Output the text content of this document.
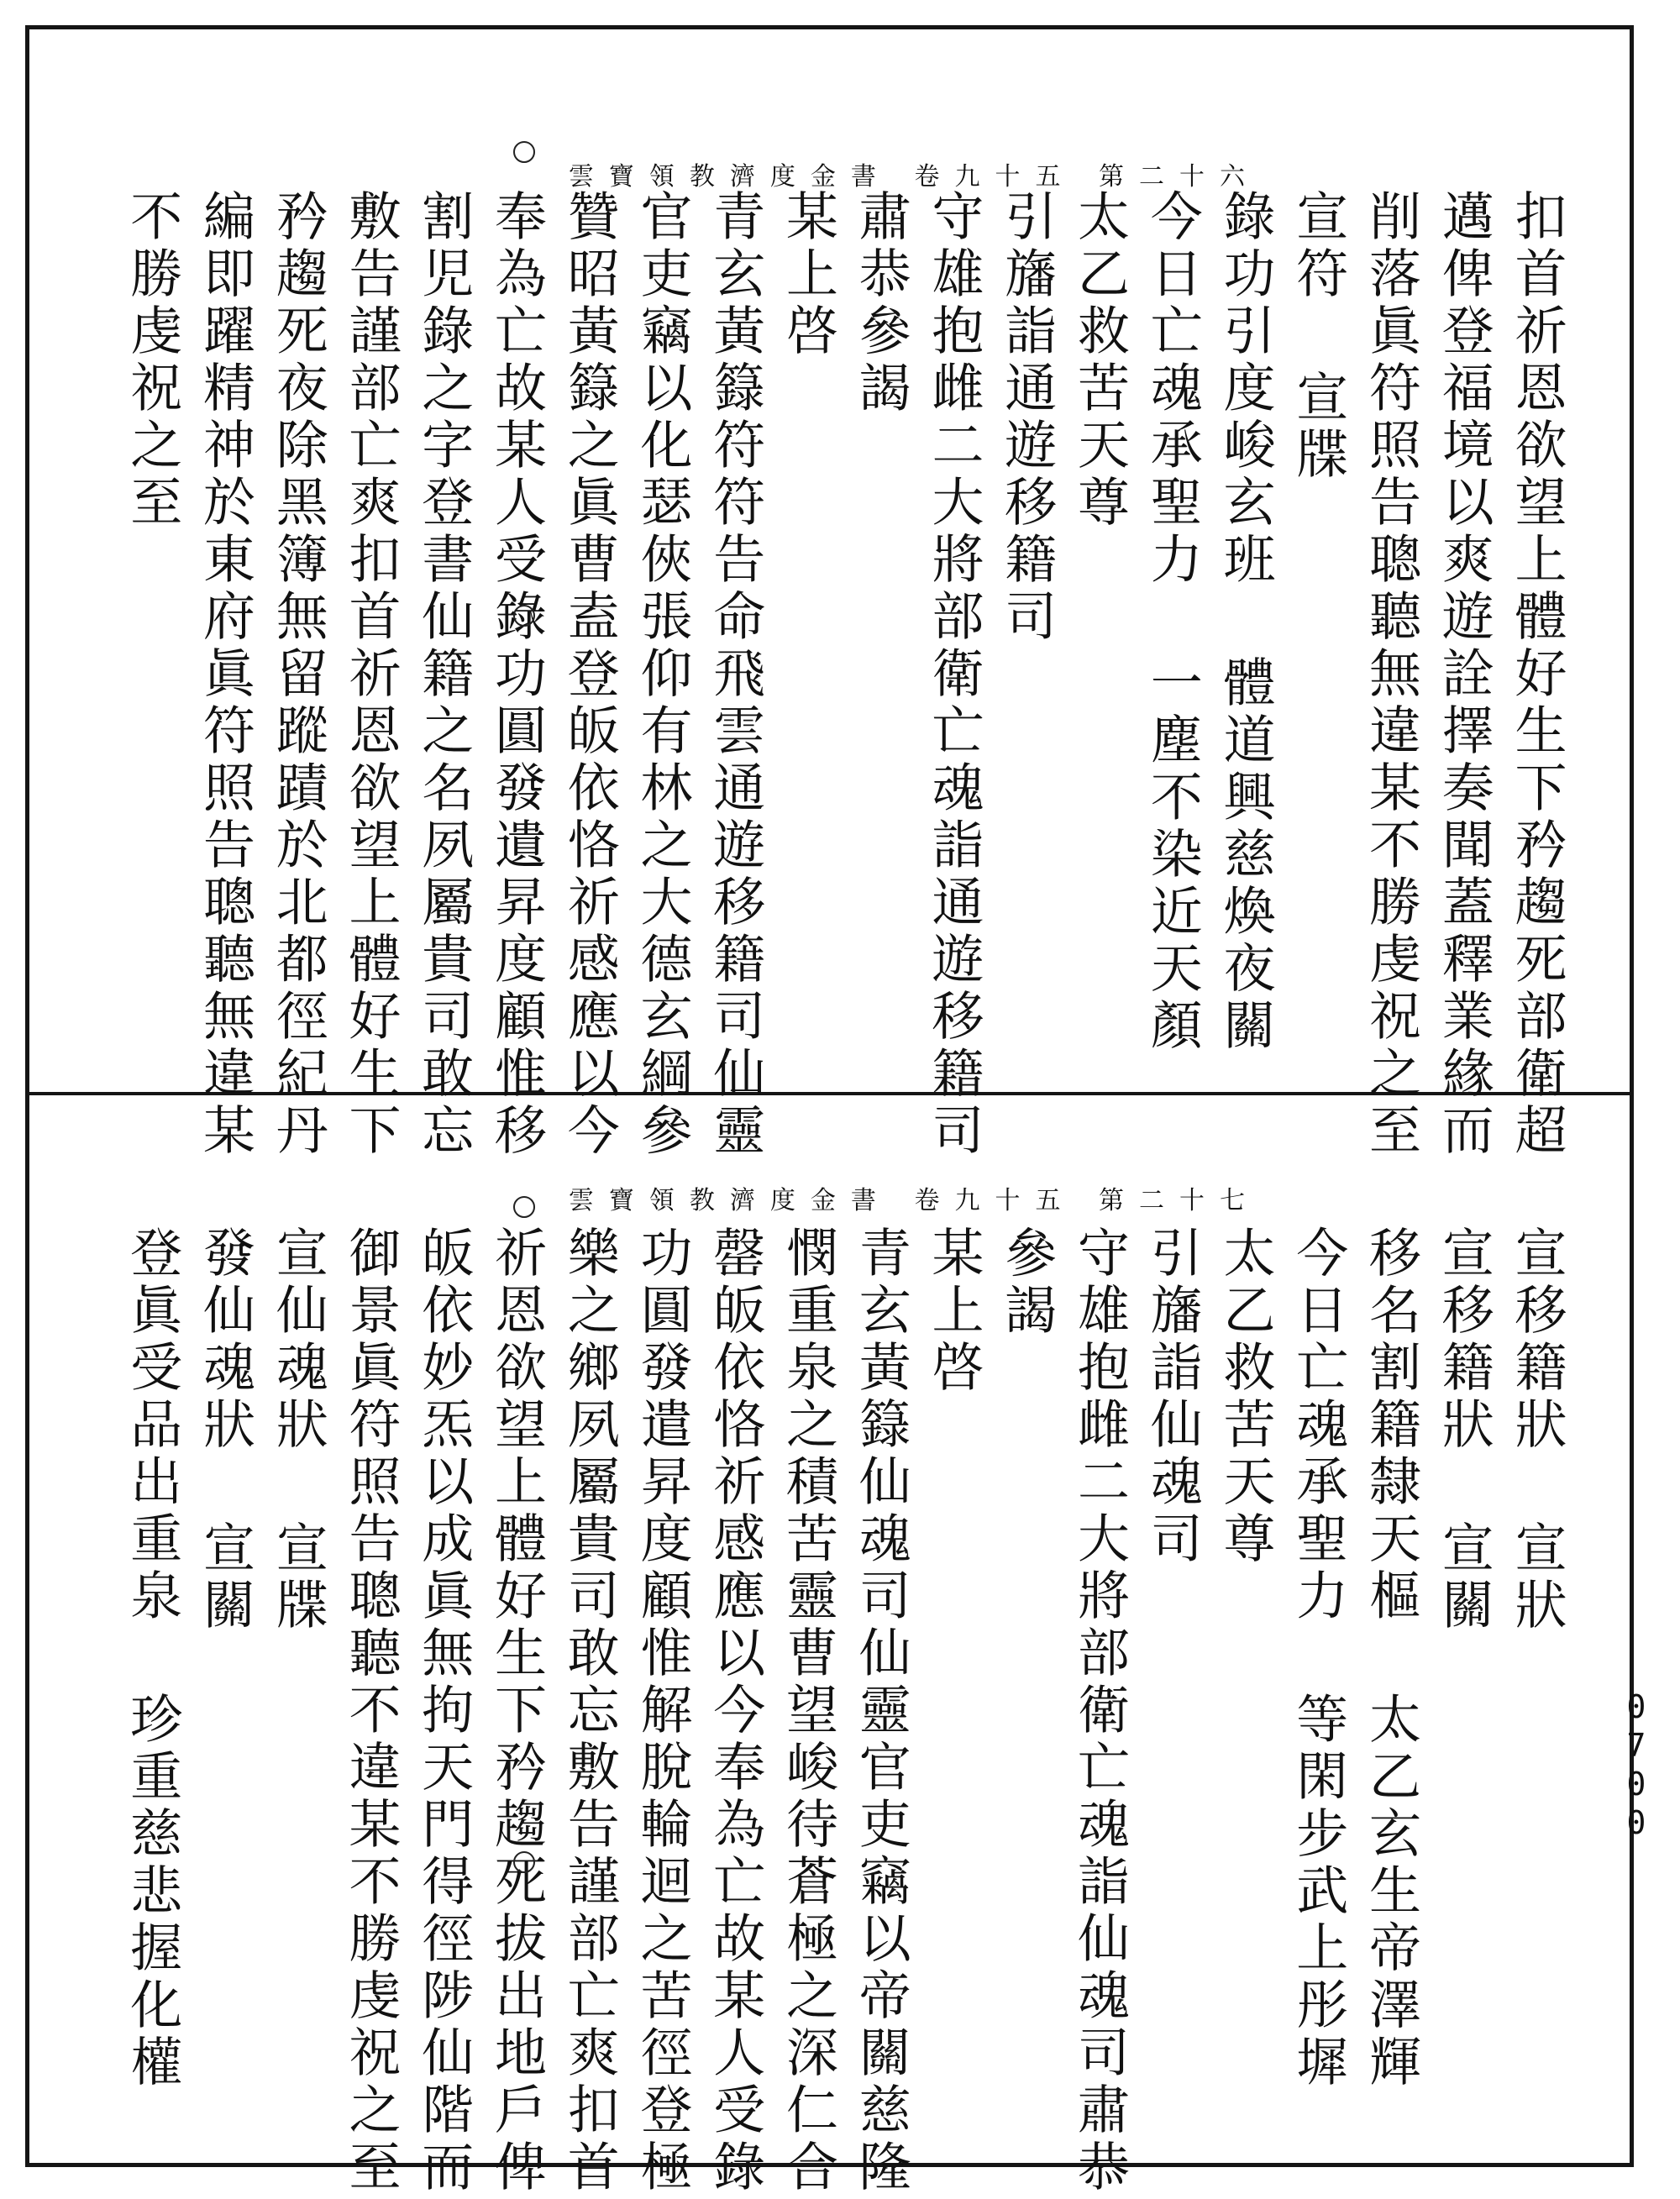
雲寶領教濟度金書 卷九十五 第二十六
扣首祈恩欲望上體好生下矜趨死部衛超
邁俾登福境以爽遊詮擇奏聞蓋釋業緣而
削落眞符照告聰聽無違某不勝虔祝之至
宣符 宣牒
錄功引度峻玄班 體道興慈煥夜關
今日亡魂承聖力 一塵不染近天顏
太乙救苦天尊
引旛詣通遊移籍司
守雄抱雌二大將部衛亡魂詣通遊移籍司
肅恭參謁
某上啓
青玄黃籙符符告命飛雲通遊移籍司仙靈
官吏竊以化瑟俠張仰有林之大德玄綱參
贊昭黃籙之眞曹盍登皈依恪祈感應以今
奉為亡故某人受錄功圓發遺昇度顧惟移
割児錄之字登書仙籍之名夙屬貴司敢忘
敷告謹部亡爽扣首祈恩欲望上體好生下
矜趨死夜除黑簿無留蹤蹟於北都徑紀丹
編即躍精神於東府眞符照告聰聽無違某
不勝虔祝之至
雲寶領教濟度金書 卷九十五 第二十七
宣移籍狀 宣狀
宣移籍狀 宣關
移名割籍隸天樞 太乙玄生帝澤輝
今日亡魂承聖力 等閑步武上彤墀
太乙救苦天尊
引旛詣仙魂司
守雄抱雌二大將部衛亡魂詣仙魂司肅恭
參謁
某上啓
青玄黃籙仙魂司仙靈官吏竊以帝關慈隆
憫重泉之積苦靈曹望峻待蒼極之深仁合
罄皈依恪祈感應以今奉為亡故某人受錄
功圓發遣昇度顧惟解脫輪迴之苦徑登極
樂之鄉夙屬貴司敢忘敷告謹部亡爽扣首
祈恩欲望上體好生下矜趨死拔出地戶俾
皈依妙炁以成眞無拘天門得徑陟仙階而
御景眞符照告聰聽不違某不勝虔祝之至
宣仙魂狀 宣牒
發仙魂狀 宣關
登眞受品出重泉 珍重慈悲握化權	0700
